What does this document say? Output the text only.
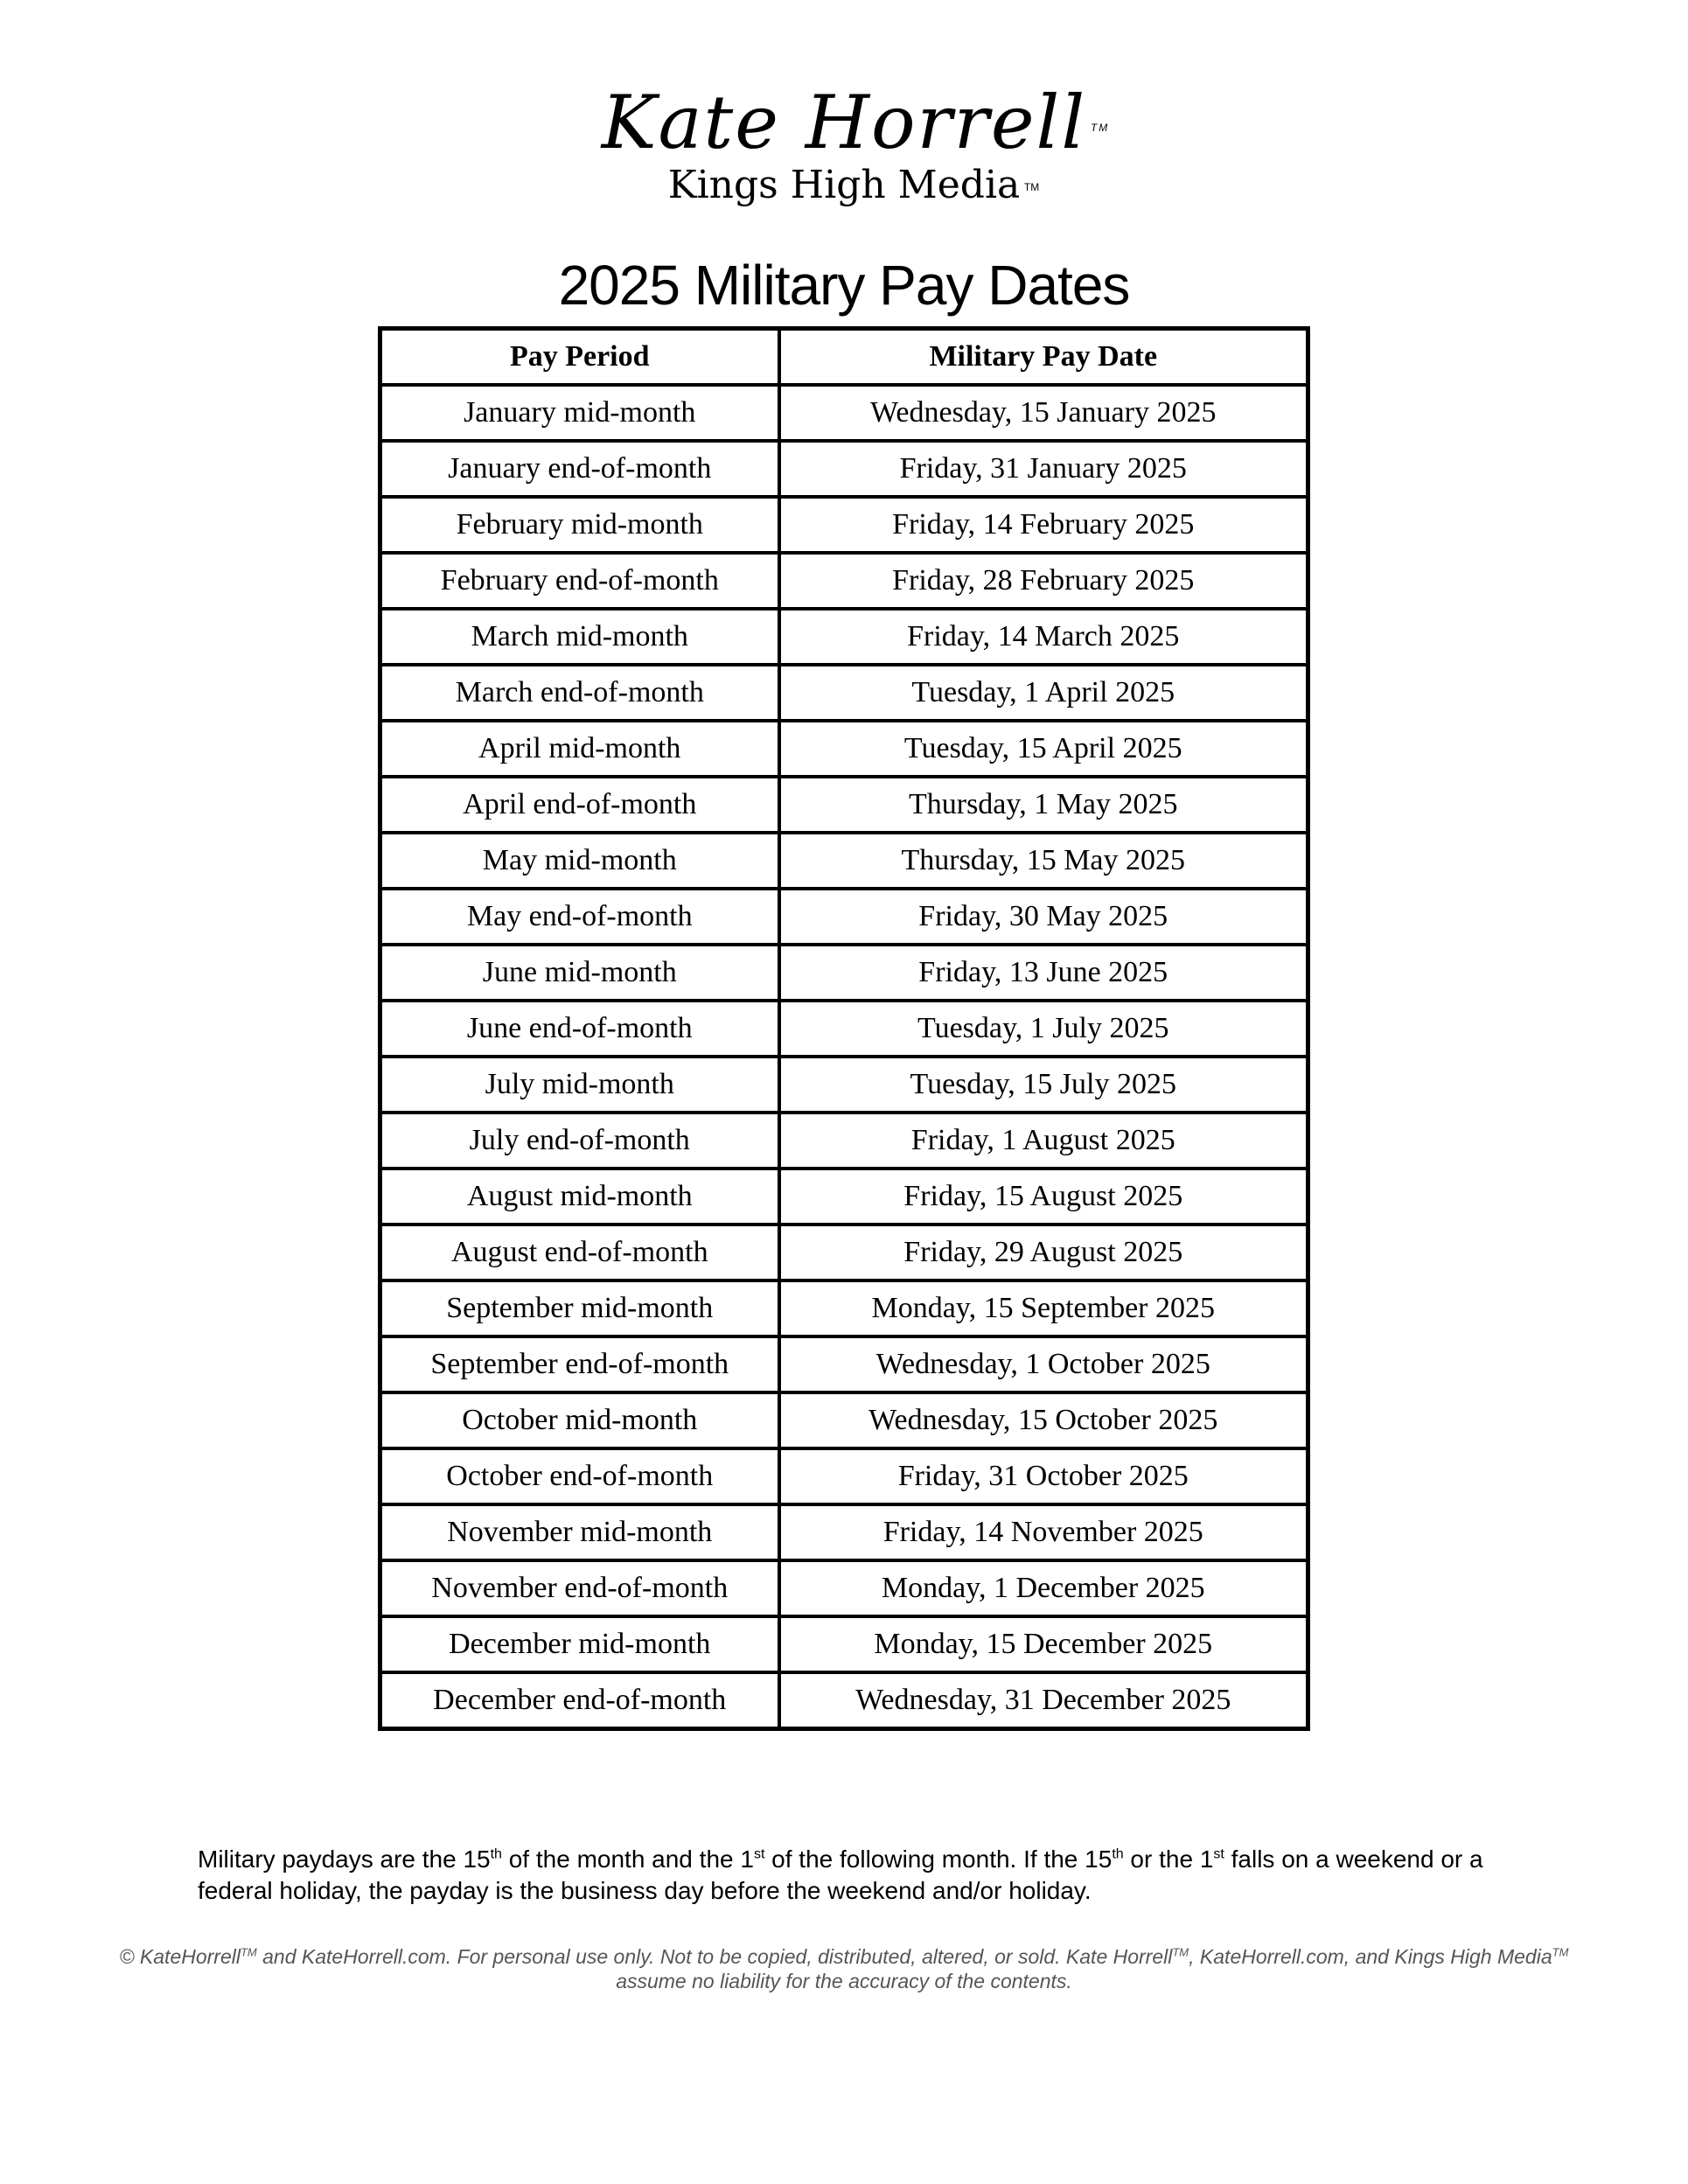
Kate Horrell TM
Kings High Media TM
2025 Military Pay Dates
Pay Period	Military Pay Date
January mid-month	Wednesday, 15 January 2025
January end-of-month	Friday, 31 January 2025
February mid-month	Friday, 14 February 2025
February end-of-month	Friday, 28 February 2025
March mid-month	Friday, 14 March 2025
March end-of-month	Tuesday, 1 April 2025
April mid-month	Tuesday, 15 April 2025
April end-of-month	Thursday, 1 May 2025
May mid-month	Thursday, 15 May 2025
May end-of-month	Friday, 30 May 2025
June mid-month	Friday, 13 June 2025
June end-of-month	Tuesday, 1 July 2025
July mid-month	Tuesday, 15 July 2025
July end-of-month	Friday, 1 August 2025
August mid-month	Friday, 15 August 2025
August end-of-month	Friday, 29 August 2025
September mid-month	Monday, 15 September 2025
September end-of-month	Wednesday, 1 October 2025
October mid-month	Wednesday, 15 October 2025
October end-of-month	Friday, 31 October 2025
November mid-month	Friday, 14 November 2025
November end-of-month	Monday, 1 December 2025
December mid-month	Monday, 15 December 2025
December end-of-month	Wednesday, 31 December 2025
Military paydays are the 15th of the month and the 1st of the following month. If the 15th or the 1st falls on a weekend or a federal holiday, the payday is the business day before the weekend and/or holiday.
© KateHorrell™ and KateHorrell.com. For personal use only. Not to be copied, distributed, altered, or sold. Kate Horrell™, KateHorrell.com, and Kings High Media™ assume no liability for the accuracy of the contents.
